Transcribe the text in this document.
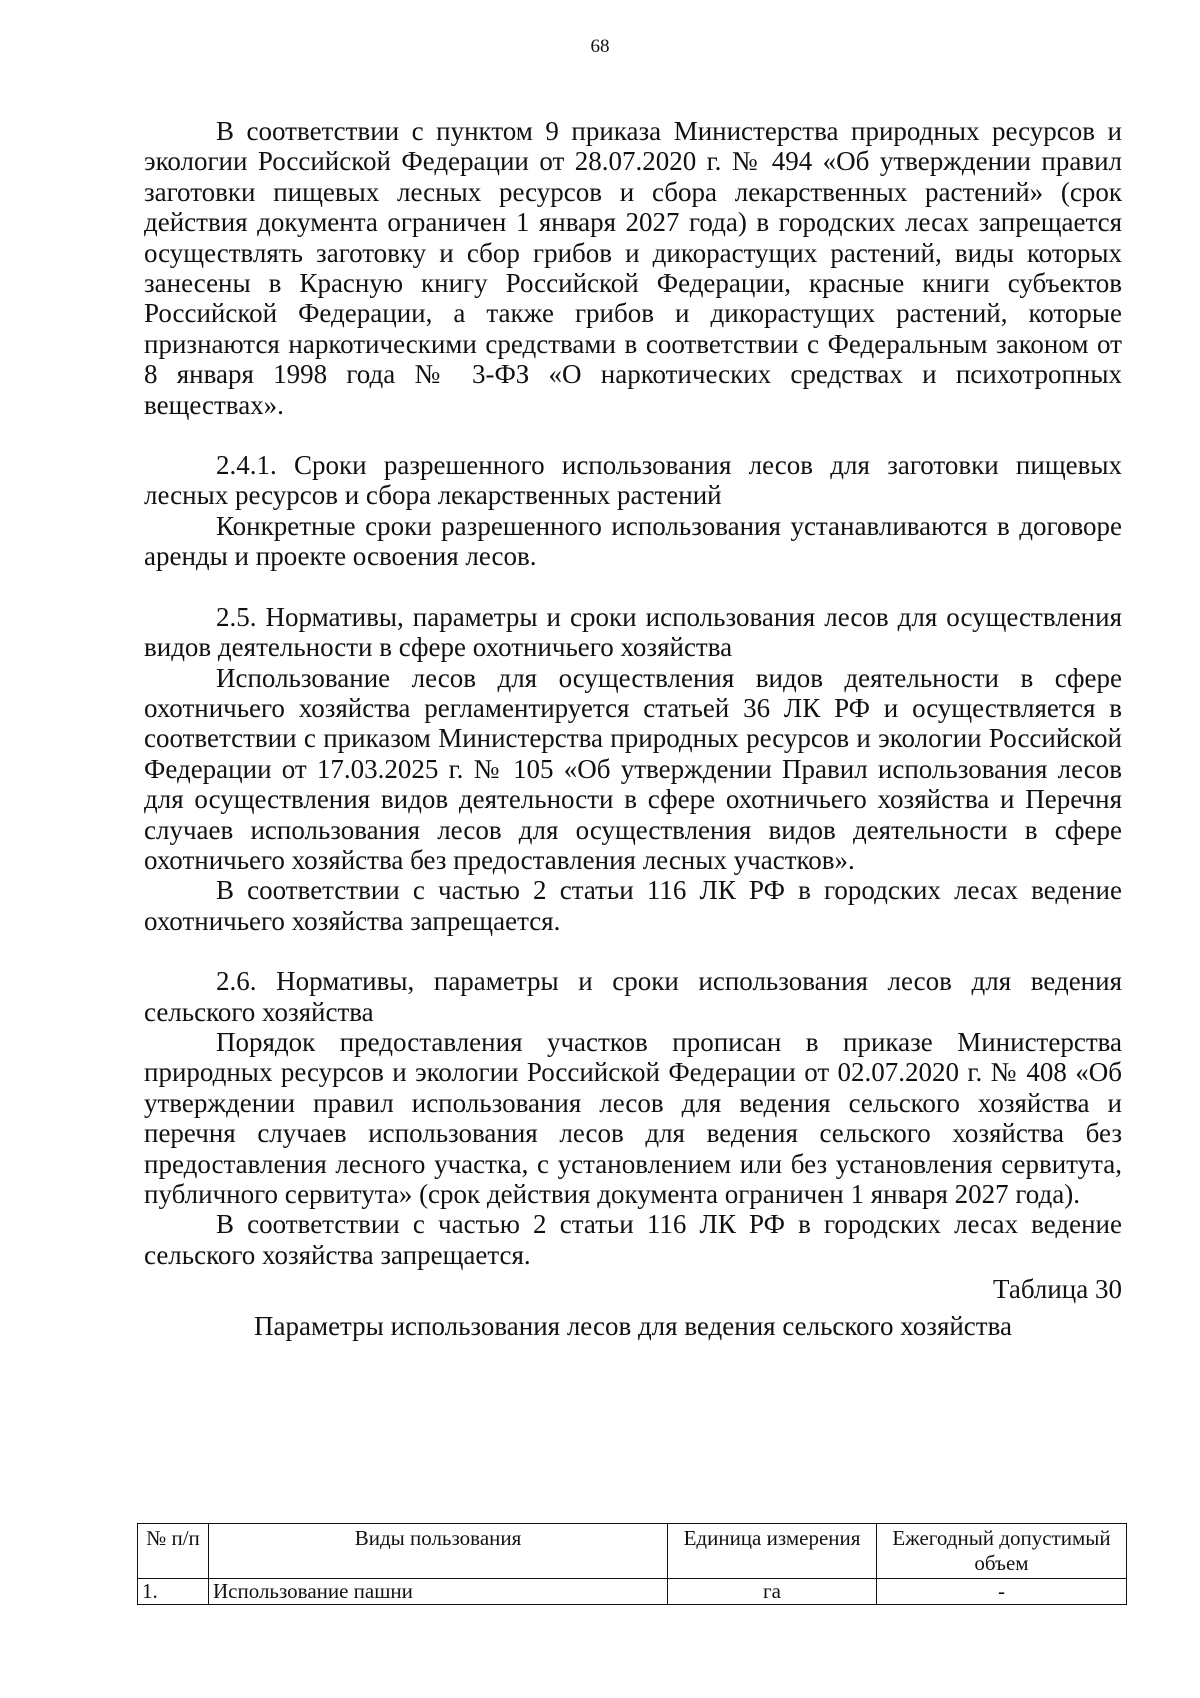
68

В соответствии с пунктом 9 приказа Министерства природных ресурсов и экологии Российской Федерации от 28.07.2020 г. № 494 «Об утверждении правил заготовки пищевых лесных ресурсов и сбора лекарственных растений» (срок действия документа ограничен 1 января 2027 года) в городских лесах запрещается осуществлять заготовку и сбор грибов и дикорастущих растений, виды которых занесены в Красную книгу Российской Федерации, красные книги субъектов Российской Федерации, а также грибов и дикорастущих растений, которые признаются наркотическими средствами в соответствии с Федеральным законом от 8 января 1998 года № 3-ФЗ «О наркотических средствах и психотропных веществах».

2.4.1. Сроки разрешенного использования лесов для заготовки пищевых лесных ресурсов и сбора лекарственных растений

Конкретные сроки разрешенного использования устанавливаются в договоре аренды и проекте освоения лесов.

2.5. Нормативы, параметры и сроки использования лесов для осуществления видов деятельности в сфере охотничьего хозяйства

Использование лесов для осуществления видов деятельности в сфере охотничьего хозяйства регламентируется статьей 36 ЛК РФ и осуществляется в соответствии с приказом Министерства природных ресурсов и экологии Российской Федерации от 17.03.2025 г. № 105 «Об утверждении Правил использования лесов для осуществления видов деятельности в сфере охотничьего хозяйства и Перечня случаев использования лесов для осуществления видов деятельности в сфере охотничьего хозяйства без предоставления лесных участков».

В соответствии с частью 2 статьи 116 ЛК РФ в городских лесах ведение охотничьего хозяйства запрещается.

2.6. Нормативы, параметры и сроки использования лесов для ведения сельского хозяйства

Порядок предоставления участков прописан в приказе Министерства природных ресурсов и экологии Российской Федерации от 02.07.2020 г. № 408 «Об утверждении правил использования лесов для ведения сельского хозяйства и перечня случаев использования лесов для ведения сельского хозяйства без предоставления лесного участка, с установлением или без установления сервитута, публичного сервитута» (срок действия документа ограничен 1 января 2027 года).

В соответствии с частью 2 статьи 116 ЛК РФ в городских лесах ведение сельского хозяйства запрещается.

Таблица 30

Параметры использования лесов для ведения сельского хозяйства

№ п/п	Виды пользования	Единица измерения	Ежегодный допустимый объем
1.	Использование пашни	га	-
